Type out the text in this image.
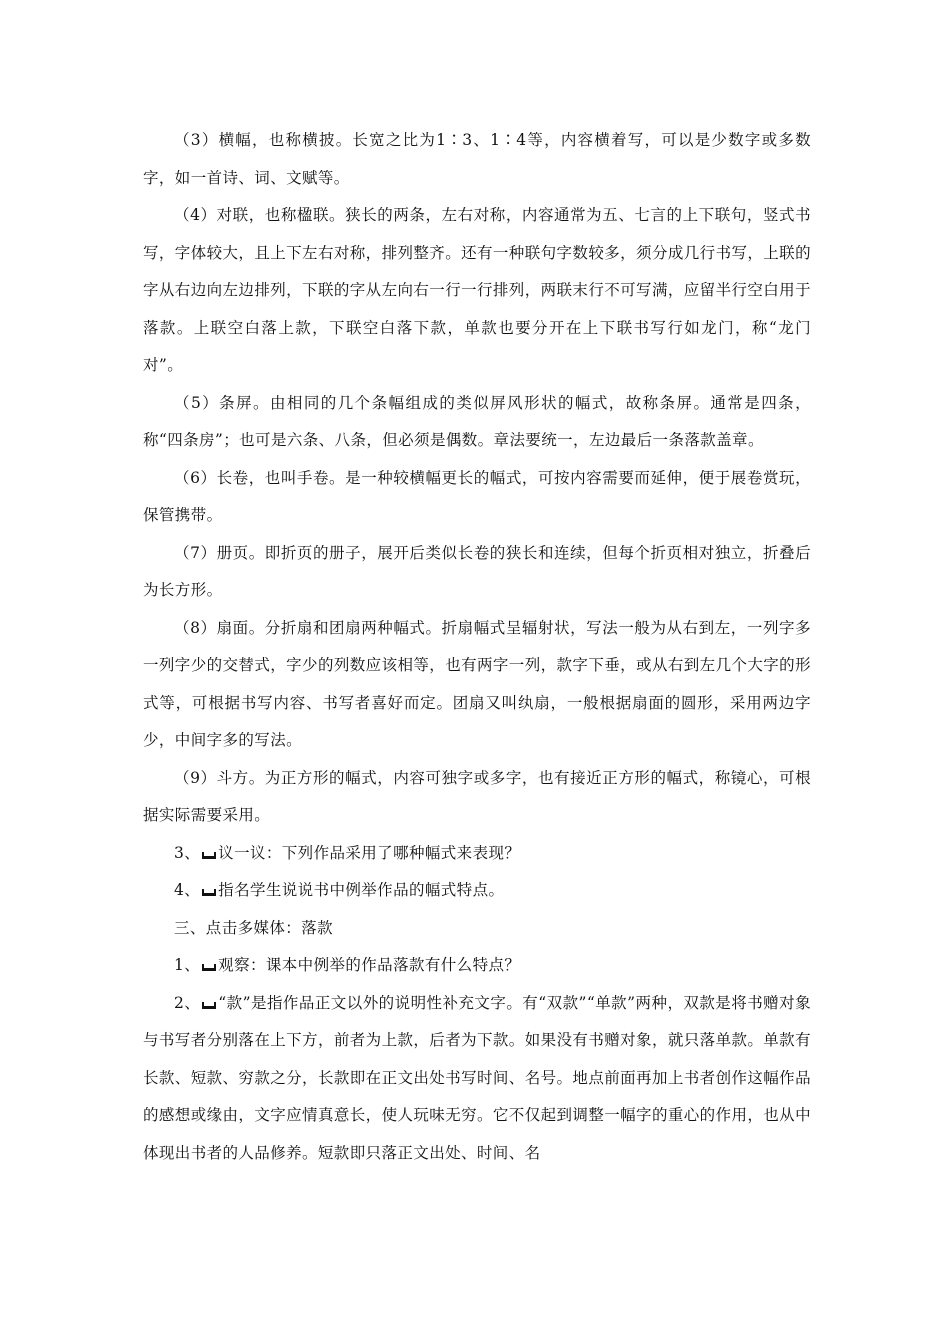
（3）横幅，也称横披。长宽之比为1∶3、1∶4等，内容横着写，可以是少数字或多数字，如一首诗、词、文赋等。

（4）对联，也称楹联。狭长的两条，左右对称，内容通常为五、七言的上下联句，竖式书写，字体较大，且上下左右对称，排列整齐。还有一种联句字数较多，须分成几行书写，上联的字从右边向左边排列，下联的字从左向右一行一行排列，两联末行不可写满，应留半行空白用于落款。上联空白落上款，下联空白落下款，单款也要分开在上下联书写行如龙门，称“龙门对”。

（5）条屏。由相同的几个条幅组成的类似屏风形状的幅式，故称条屏。通常是四条，称“四条房”；也可是六条、八条，但必须是偶数。章法要统一，左边最后一条落款盖章。

（6）长卷，也叫手卷。是一种较横幅更长的幅式，可按内容需要而延伸，便于展卷赏玩，保管携带。

（7）册页。即折页的册子，展开后类似长卷的狭长和连续，但每个折页相对独立，折叠后为长方形。

（8）扇面。分折扇和团扇两种幅式。折扇幅式呈辐射状，写法一般为从右到左，一列字多一列字少的交替式，字少的列数应该相等，也有两字一列，款字下垂，或从右到左几个大字的形式等，可根据书写内容、书写者喜好而定。团扇又叫纨扇，一般根据扇面的圆形，采用两边字少，中间字多的写法。

（9）斗方。为正方形的幅式，内容可独字或多字，也有接近正方形的幅式，称镜心，可根据实际需要采用。

3、 议一议：下列作品采用了哪种幅式来表现？

4、 指名学生说说书中例举作品的幅式特点。

三、点击多媒体：落款

1、 观察：课本中例举的作品落款有什么特点？

2、 “款”是指作品正文以外的说明性补充文字。有“双款”“单款”两种，双款是将书赠对象与书写者分别落在上下方，前者为上款，后者为下款。如果没有书赠对象，就只落单款。单款有长款、短款、穷款之分，长款即在正文出处书写时间、名号。地点前面再加上书者创作这幅作品的感想或缘由，文字应情真意长，使人玩味无穷。它不仅起到调整一幅字的重心的作用，也从中体现出书者的人品修养。短款即只落正文出处、时间、名
